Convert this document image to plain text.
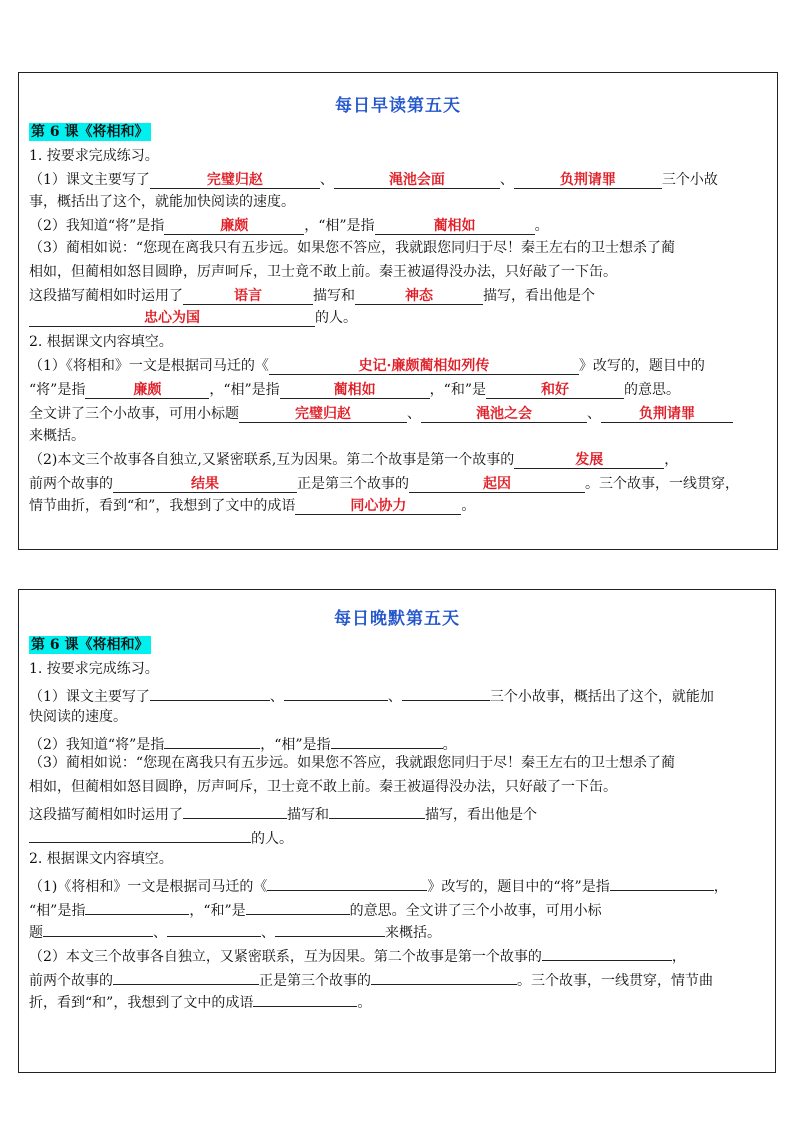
每日早读第五天
第 6 课《将相和》
1. 按要求完成练习。
（1）课文主要写了	完璧归赵	、	渑池会面	、	负荆请罪	三个小故
事，概括出了这个，就能加快阅读的速度。
（2）我知道“将”是指	廉颇	，“相”是指	蔺相如	。
（3）蔺相如说：“您现在离我只有五步远。如果您不答应，我就跟您同归于尽！秦王左右的卫士想杀了蔺
相如，但蔺相如怒目圆睁，厉声呵斥，卫士竟不敢上前。秦王被逼得没办法，只好敲了一下缶。
这段描写蔺相如时运用了	语言	描写和	神态	描写，看出他是个
忠心为国	的人。
2. 根据课文内容填空。
（1）《将相和》一文是根据司马迁的《	史记·廉颇蔺相如列传	》改写的，题目中的
“将”是指	廉颇	，“相”是指	蔺相如	，“和”是	和好	的意思。
全文讲了三个小故事，可用小标题	完璧归赵	、	渑池之会	、	负荆请罪
来概括。
（2)本文三个故事各自独立,又紧密联系,互为因果。第二个故事是第一个故事的	发展	，
前两个故事的	结果	正是第三个故事的	起因	。三个故事，一线贯穿，
情节曲折，看到“和”，我想到了文中的成语	同心协力	。
每日晚默第五天
第 6 课《将相和》
1. 按要求完成练习。
（1）课文主要写了	、	、	三个小故事，概括出了这个，就能加
快阅读的速度。
（2）我知道“将”是指	，“相”是指	。
（3）蔺相如说：“您现在离我只有五步远。如果您不答应，我就跟您同归于尽！秦王左右的卫士想杀了蔺
相如，但蔺相如怒目圆睁，厉声呵斥，卫士竟不敢上前。秦王被逼得没办法，只好敲了一下缶。
这段描写蔺相如时运用了	描写和	描写，看出他是个
的人。
2. 根据课文内容填空。
（1)《将相和》一文是根据司马迁的《	》改写的，题目中的“将”是指	，
“相”是指	，“和”是	的意思。全文讲了三个小故事，可用小标
题	、	、	来概括。
（2）本文三个故事各自独立，又紧密联系，互为因果。第二个故事是第一个故事的	，
前两个故事的	正是第三个故事的	。三个故事，一线贯穿，情节曲
折，看到“和”，我想到了文中的成语	。
